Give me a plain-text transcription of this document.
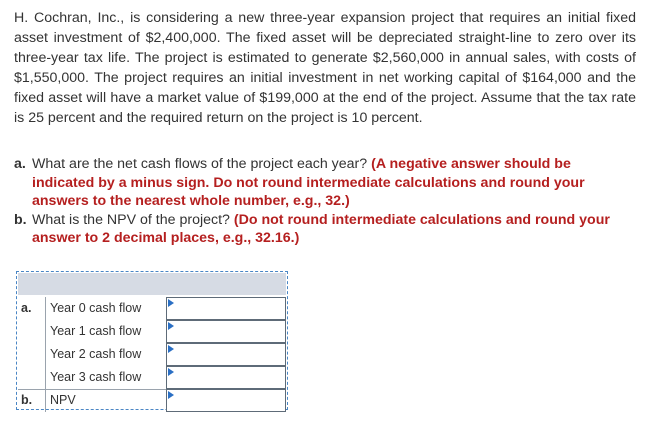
H. Cochran, Inc., is considering a new three-year expansion project that requires an initial fixed asset investment of $2,400,000. The fixed asset will be depreciated straight-line to zero over its three-year tax life. The project is estimated to generate $2,560,000 in annual sales, with costs of $1,550,000. The project requires an initial investment in net working capital of $164,000 and the fixed asset will have a market value of $199,000 at the end of the project. Assume that the tax rate is 25 percent and the required return on the project is 10 percent.

a. What are the net cash flows of the project each year? (A negative answer should be indicated by a minus sign. Do not round intermediate calculations and round your answers to the nearest whole number, e.g., 32.)
b. What is the NPV of the project? (Do not round intermediate calculations and round your answer to 2 decimal places, e.g., 32.16.)
a.	Year 0 cash flow
Year 1 cash flow
Year 2 cash flow
Year 3 cash flow
b.	NPV
